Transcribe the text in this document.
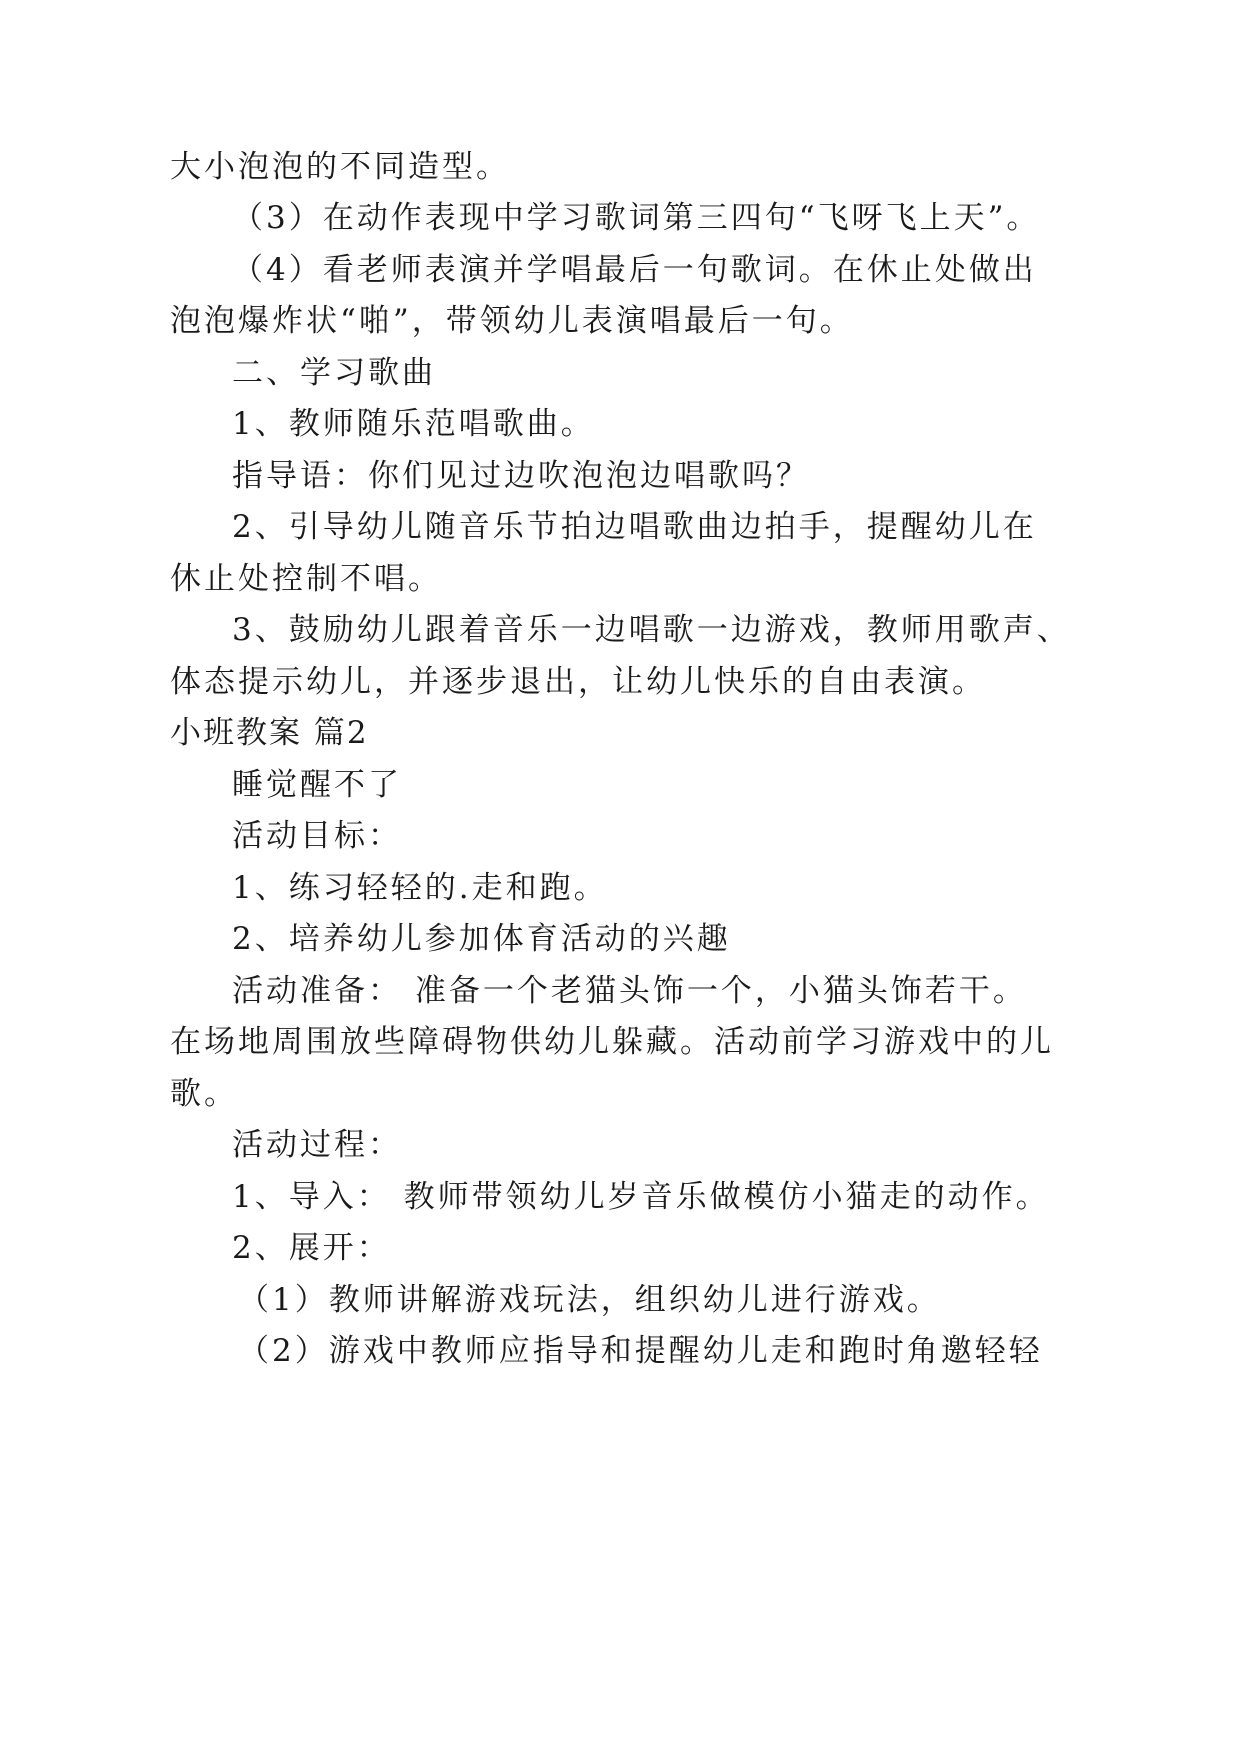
大小泡泡的不同造型。
（3）在动作表现中学习歌词第三四句“飞呀飞上天”。
（4）看老师表演并学唱最后一句歌词。在休止处做出
泡泡爆炸状“啪”，带领幼儿表演唱最后一句。
二、学习歌曲
1、教师随乐范唱歌曲。
指导语：你们见过边吹泡泡边唱歌吗？
2、引导幼儿随音乐节拍边唱歌曲边拍手，提醒幼儿在
休止处控制不唱。
3、鼓励幼儿跟着音乐一边唱歌一边游戏，教师用歌声、
体态提示幼儿，并逐步退出，让幼儿快乐的自由表演。
小班教案 篇2
睡觉醒不了
活动目标：
1、练习轻轻的.走和跑。
2、培养幼儿参加体育活动的兴趣
活动准备： 准备一个老猫头饰一个，小猫头饰若干。
在场地周围放些障碍物供幼儿躲藏。活动前学习游戏中的儿
歌。
活动过程：
1、导入： 教师带领幼儿岁音乐做模仿小猫走的动作。
2、展开：
（1）教师讲解游戏玩法，组织幼儿进行游戏。
（2）游戏中教师应指导和提醒幼儿走和跑时角邀轻轻
